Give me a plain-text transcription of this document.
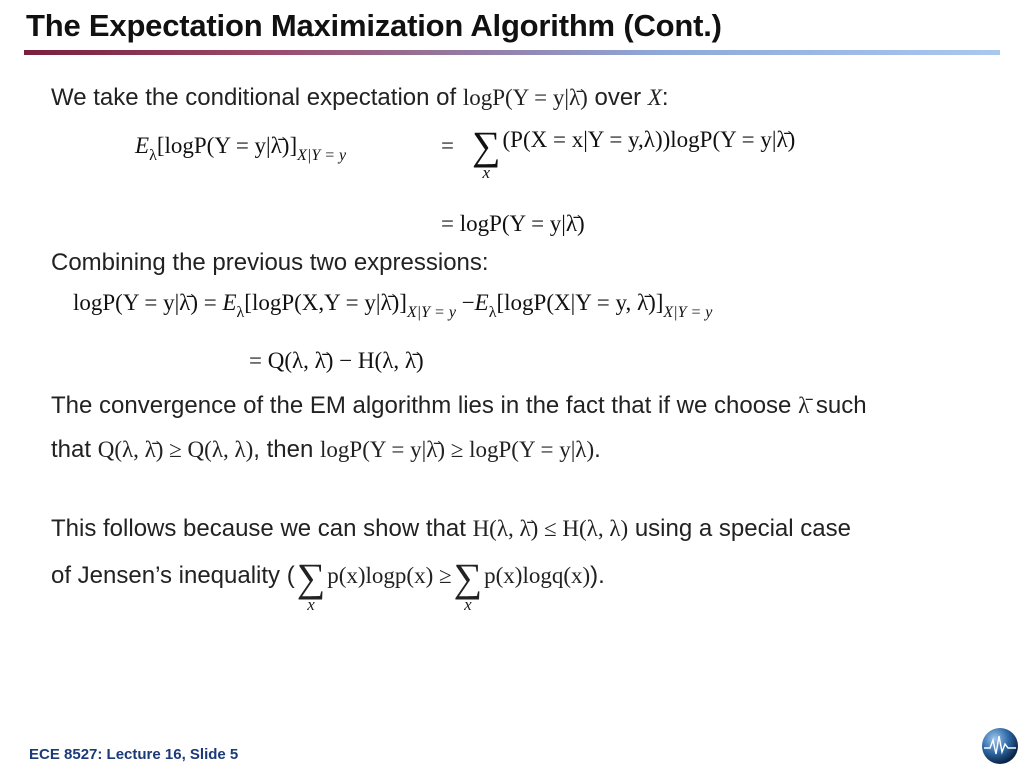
The Expectation Maximization Algorithm (Cont.)
We take the conditional expectation of logP(Y = y|λ̄) over X:
$E_\lambda[\log P(Y$ = $y|\lambdā)]_{X|Y = y}$	= ∑
x
(P(X = x|Y = y,λ))logP(Y = y|λ̄)
= logP(Y = y|λ̄)
Combining the previous two expressions:
logP(Y = y|λ̄) = $E_\lambda[\log P(X,Y$ = $y|\lambdā)]_{X|Y = y} -E_\lambda[\log P(X|Y = y$, $\lambdā)]_{X|Y = y}$
= Q(λ, λ̄) − H(λ, λ̄)
The convergence of the EM algorithm lies in the fact that if we choose λ̄ such
that Q(λ, λ̄) ≥ Q(λ, λ), then logP(Y = y|λ̄) ≥ logP(Y = y|λ).
This follows because we can show that H(λ, λ̄) ≤ H(λ, λ) using a special case
of Jensen’s inequality (∑
x
p(x)logp(x) ≥∑
x
p(x)logq(x)).
ECE 8527: Lecture 16, Slide 5
